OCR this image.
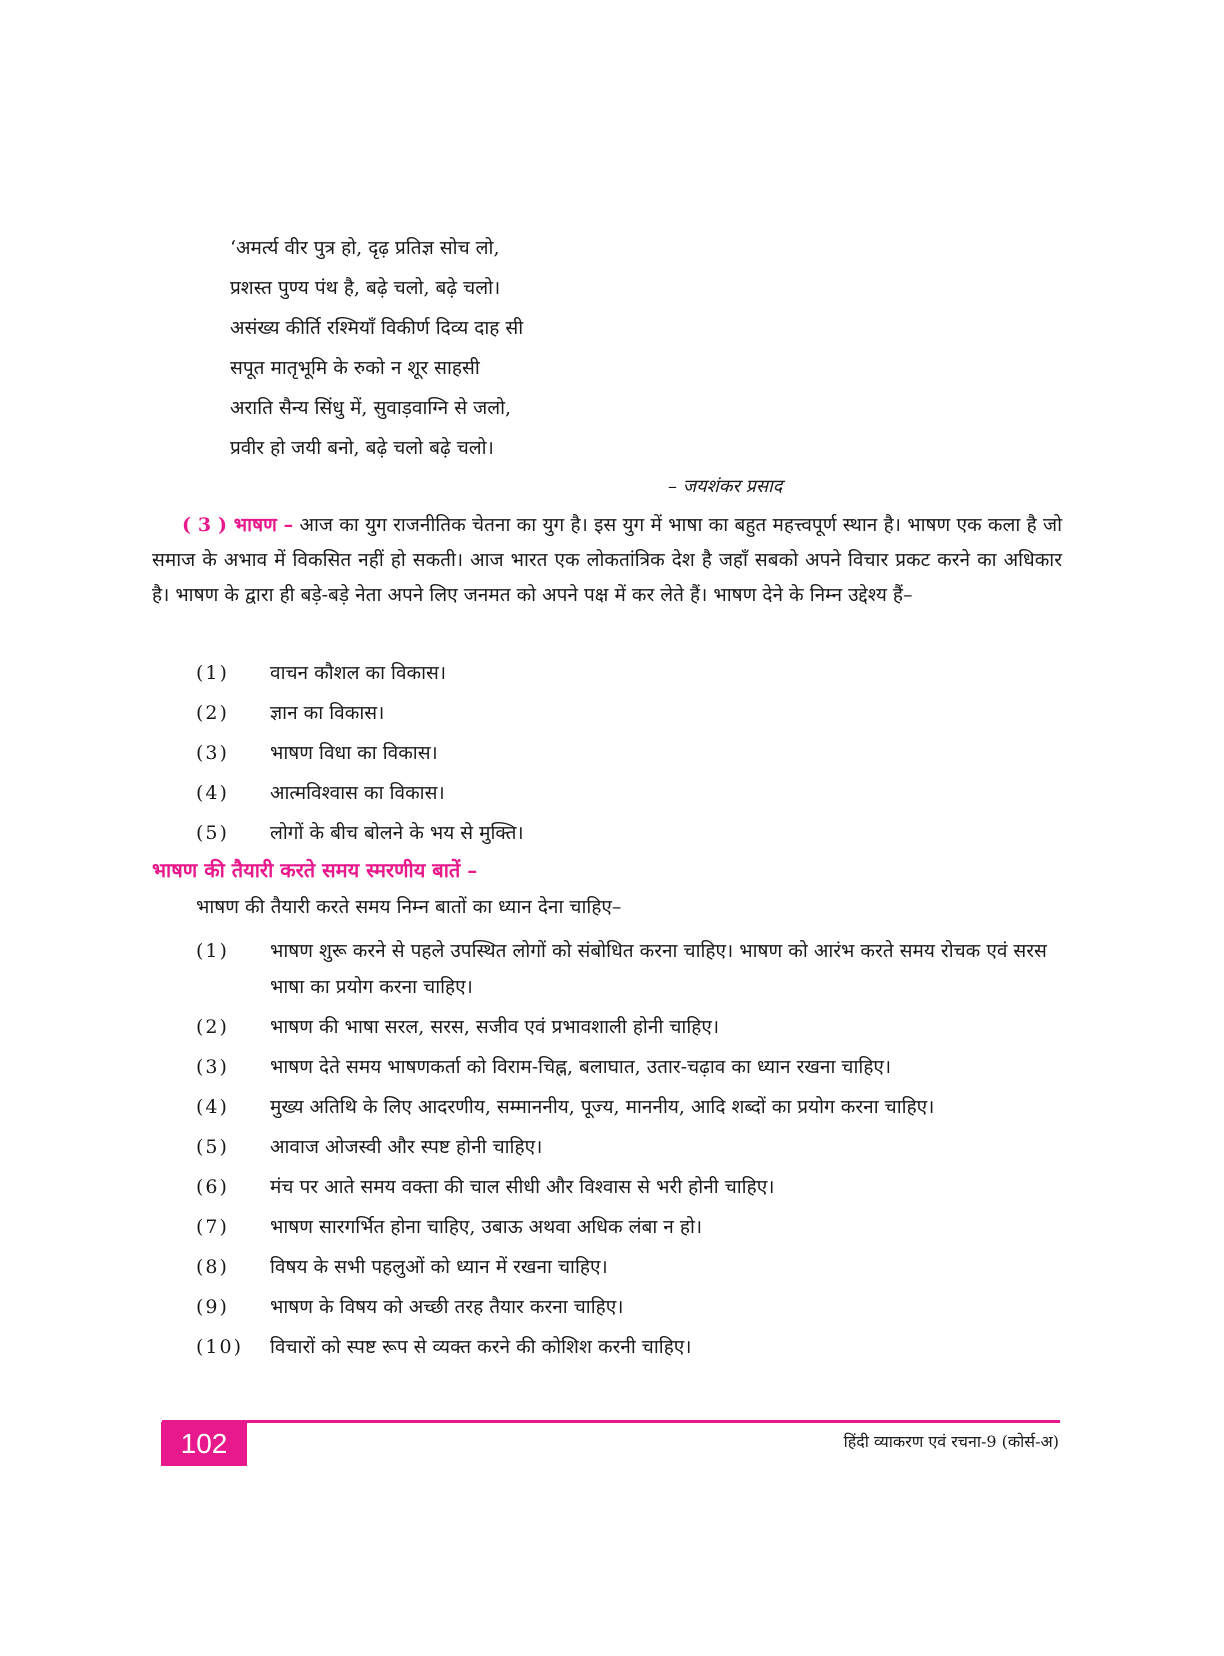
‘अमर्त्य वीर पुत्र हो, दृढ़ प्रतिज्ञ सोच लो,
प्रशस्त पुण्य पंथ है, बढ़े चलो, बढ़े चलो।
असंख्य कीर्ति रश्मियाँ विकीर्ण दिव्य दाह सी
सपूत मातृभूमि के रुको न शूर साहसी
अराति सैन्य सिंधु में, सुवाड़वाग्नि से जलो,
प्रवीर हो जयी बनो, बढ़े चलो बढ़े चलो।
– जयशंकर प्रसाद

( 3 ) भाषण – आज का युग राजनीतिक चेतना का युग है। इस युग में भाषा का बहुत महत्त्वपूर्ण स्थान है। भाषण एक कला है जो समाज के अभाव में विकसित नहीं हो सकती। आज भारत एक लोकतांत्रिक देश है जहाँ सबको अपने विचार प्रकट करने का अधिकार है। भाषण के द्वारा ही बड़े-बड़े नेता अपने लिए जनमत को अपने पक्ष में कर लेते हैं। भाषण देने के निम्न उद्देश्य हैं–

(1)	वाचन कौशल का विकास।
(2)	ज्ञान का विकास।
(3)	भाषण विधा का विकास।
(4)	आत्मविश्वास का विकास।
(5)	लोगों के बीच बोलने के भय से मुक्ति।
भाषण की तैयारी करते समय स्मरणीय बातें –
भाषण की तैयारी करते समय निम्न बातों का ध्यान देना चाहिए–
(1)	भाषण शुरू करने से पहले उपस्थित लोगों को संबोधित करना चाहिए। भाषण को आरंभ करते समय रोचक एवं सरस भाषा का प्रयोग करना चाहिए।
(2)	भाषण की भाषा सरल, सरस, सजीव एवं प्रभावशाली होनी चाहिए।
(3)	भाषण देते समय भाषणकर्ता को विराम-चिह्न, बलाघात, उतार-चढ़ाव का ध्यान रखना चाहिए।
(4)	मुख्य अतिथि के लिए आदरणीय, सम्माननीय, पूज्य, माननीय, आदि शब्दों का प्रयोग करना चाहिए।
(5)	आवाज ओजस्वी और स्पष्ट होनी चाहिए।
(6)	मंच पर आते समय वक्ता की चाल सीधी और विश्वास से भरी होनी चाहिए।
(7)	भाषण सारगर्भित होना चाहिए, उबाऊ अथवा अधिक लंबा न हो।
(8)	विषय के सभी पहलुओं को ध्यान में रखना चाहिए।
(9)	भाषण के विषय को अच्छी तरह तैयार करना चाहिए।
(10)	विचारों को स्पष्ट रूप से व्यक्त करने की कोशिश करनी चाहिए।
102	हिंदी व्याकरण एवं रचना-9 (कोर्स-अ)
